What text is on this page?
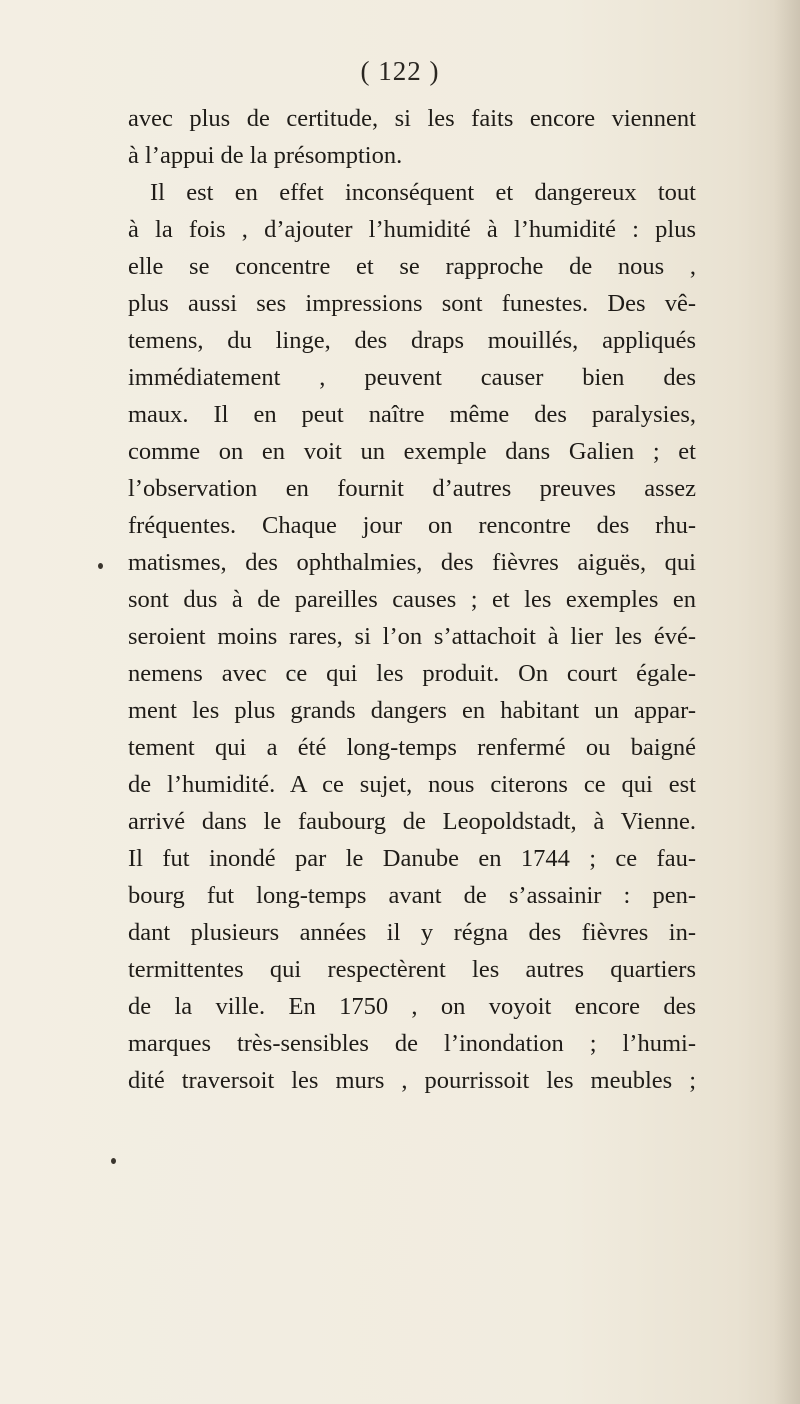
( 122 )
avec plus de certitude, si les faits encore viennent
à l’appui de la présomption.
Il est en effet inconséquent et dangereux tout
à la fois , d’ajouter l’humidité à l’humidité : plus
elle se concentre et se rapproche de nous ,
plus aussi ses impressions sont funestes. Des vê-
temens, du linge, des draps mouillés, appliqués
immédiatement , peuvent causer bien des
maux. Il en peut naître même des paralysies,
comme on en voit un exemple dans Galien ; et
l’observation en fournit d’autres preuves assez
fréquentes. Chaque jour on rencontre des rhu-
matismes, des ophthalmies, des fièvres aiguës, qui
sont dus à de pareilles causes ; et les exemples en
seroient moins rares, si l’on s’attachoit à lier les évé-
nemens avec ce qui les produit. On court égale-
ment les plus grands dangers en habitant un appar-
tement qui a été long-temps renfermé ou baigné
de l’humidité. A ce sujet, nous citerons ce qui est
arrivé dans le faubourg de Leopoldstadt, à Vienne.
Il fut inondé par le Danube en 1744 ; ce fau-
bourg fut long-temps avant de s’assainir : pen-
dant plusieurs années il y régna des fièvres in-
termittentes qui respectèrent les autres quartiers
de la ville. En 1750 , on voyoit encore des
marques très-sensibles de l’inondation ; l’humi-
dité traversoit les murs , pourrissoit les meubles ;
